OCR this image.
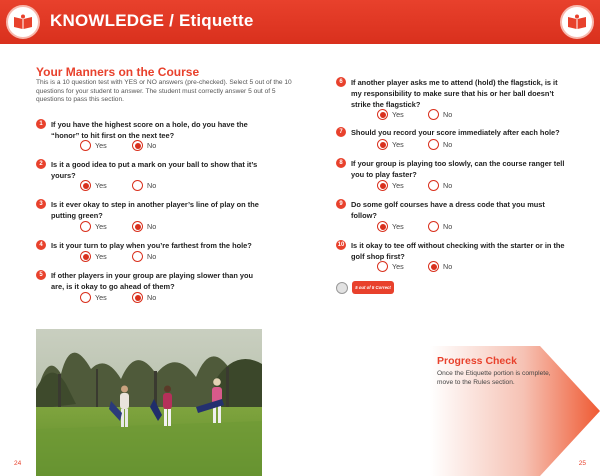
KNOWLEDGE / Etiquette
Your Manners on the Course
This is a 10 question test with YES or NO answers (pre-checked). Select 5 out of the 10 questions for your student to answer. The student must correctly answer 5 out of 5 questions to pass this section.
1	If you have the highest score on a hole, do you have the “honor” to hit first on the next tee?
Yes	No
2	Is it a good idea to put a mark on your ball to show that it’s yours?
Yes	No
3	Is it ever okay to step in another player’s line of play on the putting green?
Yes	No
4	Is it your turn to play when you’re farthest from the hole?
Yes	No
5	If other players in your group are playing slower than you are, is it okay to go ahead of them?
Yes	No
6	If another player asks me to attend (hold) the flagstick, is it my responsibility to make sure that his or her ball doesn’t strike the flagstick?
Yes	No
7	Should you record your score immediately after each hole?
Yes	No
8	If your group is playing too slowly, can the course ranger tell you to play faster?
Yes	No
9	Do some golf courses have a dress code that you must follow?
Yes	No
10 Is it okay to tee off without checking with the starter or in the golf shop first?
Yes	No
5 out of 5 Correct
Progress Check
Once the Etiquette portion is complete, move to the Rules section.
24	25
